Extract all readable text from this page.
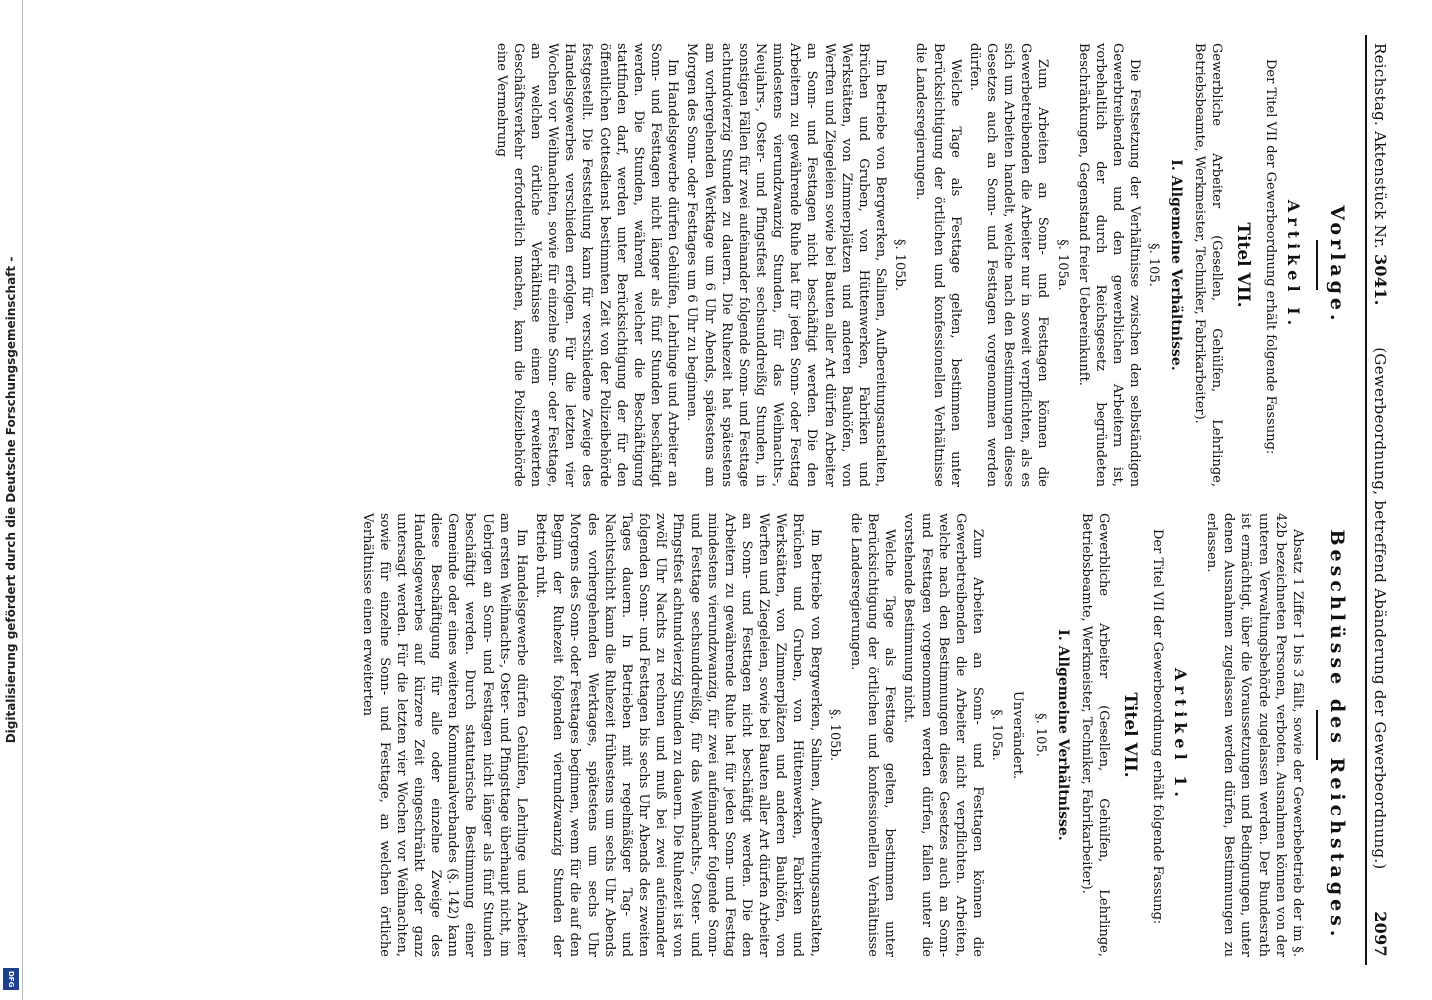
Digitalisierung gefördert durch die Deutsche Forschungsgemeinschaft -
DFG
Reichstag. Aktenstück Nr. 3041.
(Gewerbeordnung, betreffend Abänderung der Gewerbeordnung.)
2097
Vorlage.
Artikel I.

Der Titel VII der Gewerbeordnung erhält folgende Fassung:

Titel VII.

Gewerbliche Arbeiter (Gesellen, Gehülfen, Lehrlinge, Betriebsbeamte, Werkmeister, Techniker, Fabrikarbeiter).

I. Allgemeine Verhältnisse.
§. 105.

Die Festsetzung der Verhältnisse zwischen den selbständigen Gewerbtreibenden und den gewerblichen Arbeitern ist, vorbehaltlich der durch Reichsgesetz begründeten Beschränkungen, Gegenstand freier Uebereinkunft.

§. 105a.

Zum Arbeiten an Sonn- und Festtagen können die Gewerbetreibenden die Arbeiter nur in soweit verpflichten, als es sich um Arbeiten handelt, welche nach den Bestimmungen dieses Gesetzes auch an Sonn- und Festtagen vorgenommen werden dürfen.

Welche Tage als Festtage gelten, bestimmen unter Berücksichtigung der örtlichen und konfessionellen Verhältnisse die Landesregierungen.

§. 105b.

Im Betriebe von Bergwerken, Salinen, Aufbereitungsanstalten, Brüchen und Gruben, von Hüttenwerken, Fabriken und Werkstätten, von Zimmerplätzen und anderen Bauhöfen, von Werften und Ziegeleien sowie bei Bauten aller Art dürfen Arbeiter an Sonn- und Festtagen nicht beschäftigt werden. Die den Arbeitern zu gewährende Ruhe hat für jeden Sonn- oder Festtag mindestens vierundzwanzig Stunden, für das Weihnachts-, Neujahrs-, Oster- und Pfingstfest sechsunddreißig Stunden, in sonstigen Fällen für zwei aufeinander folgende Sonn- und Festtage achtundvierzig Stunden zu dauern. Die Ruhezeit hat spätestens am vorhergehenden Werktage um 6 Uhr Abends, spätestens am Morgen des Sonn- oder Festtages um 6 Uhr zu beginnen.

Im Handelsgewerbe dürfen Gehülfen, Lehrlinge und Arbeiter an Sonn- und Festtagen nicht länger als fünf Stunden beschäftigt werden. Die Stunden, während welcher die Beschäftigung stattfinden darf, werden unter Berücksichtigung der für den öffentlichen Gottesdienst bestimmten Zeit von der Polizeibehörde festgestellt. Die Feststellung kann für verschiedene Zweige des Handelsgewerbes verschieden erfolgen. Für die letzten vier Wochen vor Weihnachten, sowie für einzelne Sonn- oder Festtage, an welchen örtliche Verhältnisse einen erweiterten Geschäftsverkehr erforderlich machen, kann die Polizeibehörde eine Vermehrung

Beschlüsse des Reichstages.

Absatz 1 Ziffer 1 bis 3 fällt, sowie der Gewerbebetrieb der im §. 42b bezeichneten Personen, verboten. Ausnahmen können von der unteren Verwaltungsbehörde zugelassen werden. Der Bundesrath ist ermächtigt, über die Voraussetzungen und Bedingungen, unter denen Ausnahmen zugelassen werden dürfen, Bestimmungen zu erlassen.

Artikel 1.

Der Titel VII der Gewerbeordnung erhält folgende Fassung:

Titel VII.

Gewerbliche Arbeiter (Gesellen, Gehülfen, Lehrlinge, Betriebsbeamte, Werkmeister, Techniker, Fabrikarbeiter).

I. Allgemeine Verhältnisse.
§. 105.
Unverändert.
§. 105a.

Zum Arbeiten an Sonn- und Festtagen können die Gewerbetreibenden die Arbeiter nicht verpflichten. Arbeiten, welche nach den Bestimmungen dieses Gesetzes auch an Sonn- und Festtagen vorgenommen werden dürfen, fallen unter die vorstehende Bestimmung nicht.

Welche Tage als Festtage gelten, bestimmen unter Berücksichtigung der örtlichen und konfessionellen Verhältnisse die Landesregierungen.

§. 105b.

Im Betriebe von Bergwerken, Salinen, Aufbereitungsanstalten, Brüchen und Gruben, von Hüttenwerken, Fabriken und Werkstätten, von Zimmerplätzen und anderen Bauhöfen, von Werften und Ziegeleien, sowie bei Bauten aller Art dürfen Arbeiter an Sonn- und Festtagen nicht beschäftigt werden. Die den Arbeitern zu gewährende Ruhe hat für jeden Sonn- und Festtag mindestens vierundzwanzig, für zwei aufeinander folgende Sonn- und Festtage sechsunddreißig, für das Weihnachts-, Oster- und Pfingstfest achtundvierzig Stunden zu dauern. Die Ruhezeit ist von zwölf Uhr Nachts zu rechnen und muß bei zwei aufeinander folgenden Sonn- und Festtagen bis sechs Uhr Abends des zweiten Tages dauern. In Betrieben mit regelmäßiger Tag- und Nachtschicht kann die Ruhezeit frühestens um sechs Uhr Abends des vorhergehenden Werktages, spätestens um sechs Uhr Morgens des Sonn- oder Festtages beginnen, wenn für die auf den Beginn der Ruhezeit folgenden vierundzwanzig Stunden der Betrieb ruht.

Im Handelsgewerbe dürfen Gehülfen, Lehrlinge und Arbeiter am ersten Weihnachts-, Oster- und Pfingsttage überhaupt nicht, im Uebrigen an Sonn- und Festtagen nicht länger als fünf Stunden beschäftigt werden. Durch statutarische Bestimmung einer Gemeinde oder eines weiteren Kommunalverbandes (§. 142) kann diese Beschäftigung für alle oder einzelne Zweige des Handelsgewerbes auf kürzere Zeit eingeschränkt oder ganz untersagt werden. Für die letzten vier Wochen vor Weihnachten, sowie für einzelne Sonn- und Festtage, an welchen örtliche Verhältnisse einen erweiterten
